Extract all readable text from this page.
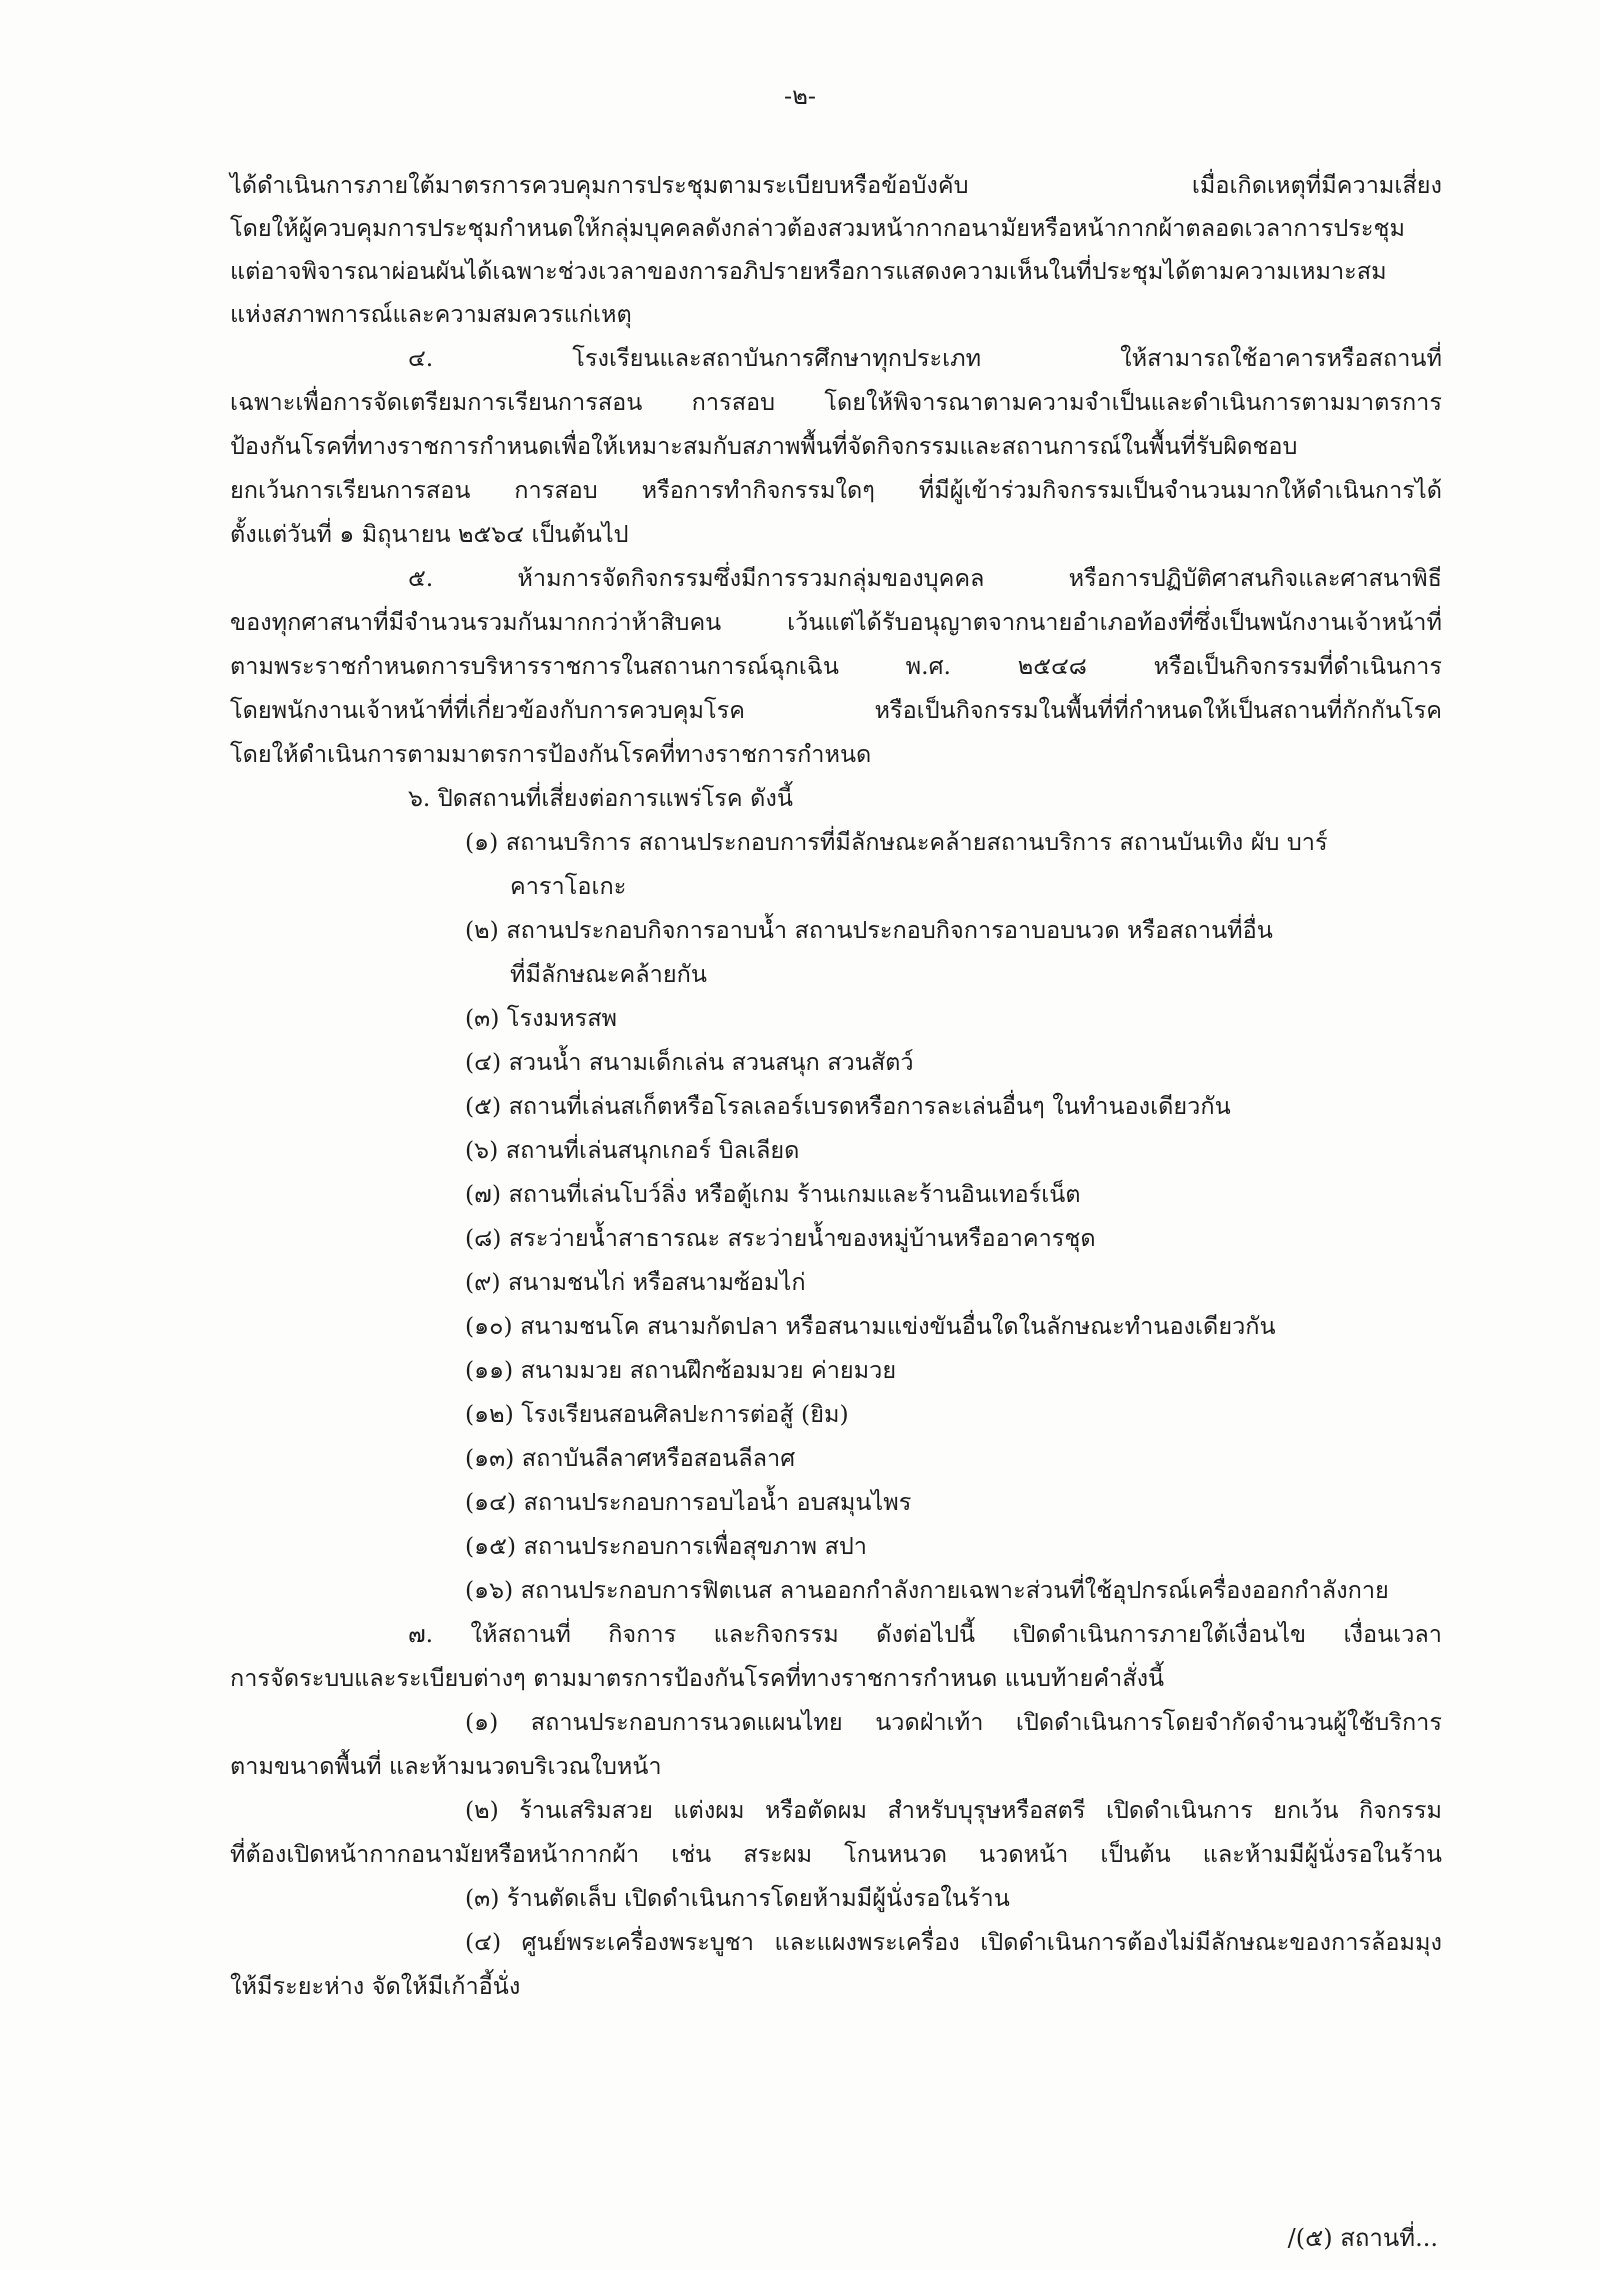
-๒-
ได้ดำเนินการภายใต้มาตรการควบคุมการประชุมตามระเบียบหรือข้อบังคับ เมื่อเกิดเหตุที่มีความเสี่ยง
โดยให้ผู้ควบคุมการประชุมกำหนดให้กลุ่มบุคคลดังกล่าวต้องสวมหน้ากากอนามัยหรือหน้ากากผ้าตลอดเวลาการประชุม
แต่อาจพิจารณาผ่อนผันได้เฉพาะช่วงเวลาของการอภิปรายหรือการแสดงความเห็นในที่ประชุมได้ตามความเหมาะสม
แห่งสภาพการณ์และความสมควรแก่เหตุ
๔. โรงเรียนและสถาบันการศึกษาทุกประเภท ให้สามารถใช้อาคารหรือสถานที่
เฉพาะเพื่อการจัดเตรียมการเรียนการสอน การสอบ โดยให้พิจารณาตามความจำเป็นและดำเนินการตามมาตรการ
ป้องกันโรคที่ทางราชการกำหนดเพื่อให้เหมาะสมกับสภาพพื้นที่จัดกิจกรรมและสถานการณ์ในพื้นที่รับผิดชอบ
ยกเว้นการเรียนการสอน การสอบ หรือการทำกิจกรรมใดๆ ที่มีผู้เข้าร่วมกิจกรรมเป็นจำนวนมากให้ดำเนินการได้
ตั้งแต่วันที่ ๑ มิถุนายน ๒๕๖๔ เป็นต้นไป
๕. ห้ามการจัดกิจกรรมซึ่งมีการรวมกลุ่มของบุคคล หรือการปฏิบัติศาสนกิจและศาสนาพิธี
ของทุกศาสนาที่มีจำนวนรวมกันมากกว่าห้าสิบคน เว้นแต่ได้รับอนุญาตจากนายอำเภอท้องที่ซึ่งเป็นพนักงานเจ้าหน้าที่
ตามพระราชกำหนดการบริหารราชการในสถานการณ์ฉุกเฉิน พ.ศ. ๒๕๔๘ หรือเป็นกิจกรรมที่ดำเนินการ
โดยพนักงานเจ้าหน้าที่ที่เกี่ยวข้องกับการควบคุมโรค หรือเป็นกิจกรรมในพื้นที่ที่กำหนดให้เป็นสถานที่กักกันโรค
โดยให้ดำเนินการตามมาตรการป้องกันโรคที่ทางราชการกำหนด
๖. ปิดสถานที่เสี่ยงต่อการแพร่โรค ดังนี้
(๑) สถานบริการ สถานประกอบการที่มีลักษณะคล้ายสถานบริการ สถานบันเทิง ผับ บาร์
คาราโอเกะ
(๒) สถานประกอบกิจการอาบน้ำ สถานประกอบกิจการอาบอบนวด หรือสถานที่อื่น
ที่มีลักษณะคล้ายกัน
(๓) โรงมหรสพ
(๔) สวนน้ำ สนามเด็กเล่น สวนสนุก สวนสัตว์
(๕) สถานที่เล่นสเก็ตหรือโรลเลอร์เบรดหรือการละเล่นอื่นๆ ในทำนองเดียวกัน
(๖) สถานที่เล่นสนุกเกอร์ บิลเลียด
(๗) สถานที่เล่นโบว์ลิ่ง หรือตู้เกม ร้านเกมและร้านอินเทอร์เน็ต
(๘) สระว่ายน้ำสาธารณะ สระว่ายน้ำของหมู่บ้านหรืออาคารชุด
(๙) สนามชนไก่ หรือสนามซ้อมไก่
(๑๐) สนามชนโค สนามกัดปลา หรือสนามแข่งขันอื่นใดในลักษณะทำนองเดียวกัน
(๑๑) สนามมวย สถานฝึกซ้อมมวย ค่ายมวย
(๑๒) โรงเรียนสอนศิลปะการต่อสู้ (ยิม)
(๑๓) สถาบันลีลาศหรือสอนลีลาศ
(๑๔) สถานประกอบการอบไอน้ำ อบสมุนไพร
(๑๕) สถานประกอบการเพื่อสุขภาพ สปา
(๑๖) สถานประกอบการฟิตเนส ลานออกกำลังกายเฉพาะส่วนที่ใช้อุปกรณ์เครื่องออกกำลังกาย
๗. ให้สถานที่ กิจการ และกิจกรรม ดังต่อไปนี้ เปิดดำเนินการภายใต้เงื่อนไข เงื่อนเวลา
การจัดระบบและระเบียบต่างๆ ตามมาตรการป้องกันโรคที่ทางราชการกำหนด แนบท้ายคำสั่งนี้
(๑) สถานประกอบการนวดแผนไทย นวดฝ่าเท้า เปิดดำเนินการโดยจำกัดจำนวนผู้ใช้บริการ
ตามขนาดพื้นที่ และห้ามนวดบริเวณใบหน้า
(๒) ร้านเสริมสวย แต่งผม หรือตัดผม สำหรับบุรุษหรือสตรี เปิดดำเนินการ ยกเว้น กิจกรรม
ที่ต้องเปิดหน้ากากอนามัยหรือหน้ากากผ้า เช่น สระผม โกนหนวด นวดหน้า เป็นต้น และห้ามมีผู้นั่งรอในร้าน
(๓) ร้านตัดเล็บ เปิดดำเนินการโดยห้ามมีผู้นั่งรอในร้าน
(๔) ศูนย์พระเครื่องพระบูชา และแผงพระเครื่อง เปิดดำเนินการต้องไม่มีลักษณะของการล้อมมุง
ให้มีระยะห่าง จัดให้มีเก้าอี้นั่ง
/(๕) สถานที่...
